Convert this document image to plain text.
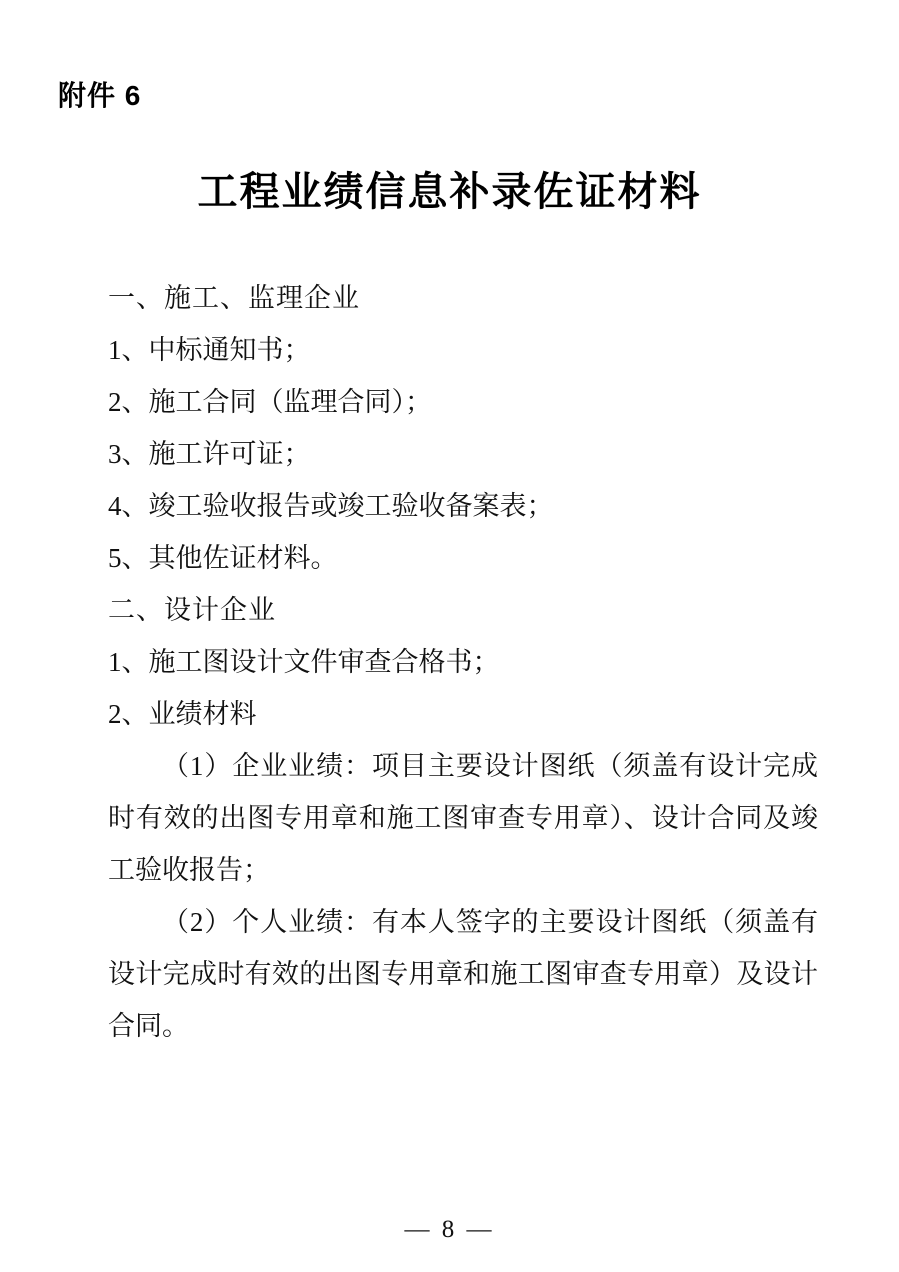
附件 6
工程业绩信息补录佐证材料
一、施工、监理企业
1、中标通知书；
2、施工合同（监理合同）；
3、施工许可证；
4、竣工验收报告或竣工验收备案表；
5、其他佐证材料。
二、设计企业
1、施工图设计文件审查合格书；
2、业绩材料
（1）企业业绩：项目主要设计图纸（须盖有设计完成时有效的出图专用章和施工图审查专用章）、设计合同及竣工验收报告；
（2）个人业绩：有本人签字的主要设计图纸（须盖有设计完成时有效的出图专用章和施工图审查专用章）及设计合同。
— 8 —
